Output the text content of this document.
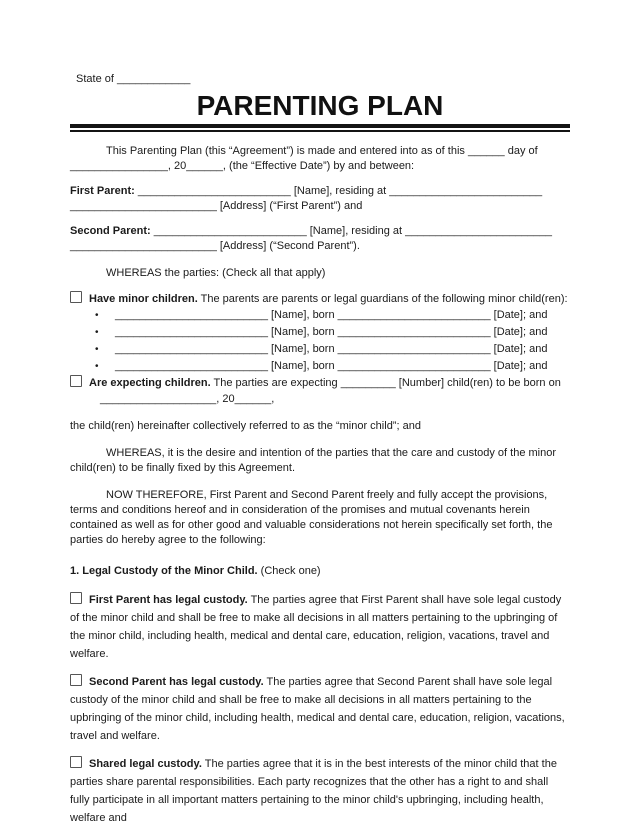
State of ____________

PARENTING PLAN

This Parenting Plan (this “Agreement”) is made and entered into as of this ______ day of
________________, 20______, (the “Effective Date”) by and between:

First Parent: _________________________ [Name], residing at _________________________
________________________ [Address] (“First Parent”) and

Second Parent: _________________________ [Name], residing at ________________________
________________________ [Address] (“Second Parent”).

WHEREAS the parties: (Check all that apply)

Have minor children. The parents are parents or legal guardians of the following minor child(ren):

• _________________________ [Name], born _________________________ [Date]; and
• _________________________ [Name], born _________________________ [Date]; and
• _________________________ [Name], born _________________________ [Date]; and
• _________________________ [Name], born _________________________ [Date]; and

Are expecting children. The parties are expecting _________ [Number] child(ren) to be born on

___________________, 20______,

the child(ren) hereinafter collectively referred to as the “minor child”; and

WHEREAS, it is the desire and intention of the parties that the care and custody of the minor child(ren) to be finally fixed by this Agreement.

NOW THEREFORE, First Parent and Second Parent freely and fully accept the provisions, terms and conditions hereof and in consideration of the promises and mutual covenants herein contained as well as for other good and valuable considerations not herein specifically set forth, the parties do hereby agree to the following:

1. Legal Custody of the Minor Child. (Check one)

First Parent has legal custody. The parties agree that First Parent shall have sole legal custody of the minor child and shall be free to make all decisions in all matters pertaining to the upbringing of the minor child, including health, medical and dental care, education, religion, vacations, travel and welfare.

Second Parent has legal custody. The parties agree that Second Parent shall have sole legal custody of the minor child and shall be free to make all decisions in all matters pertaining to the upbringing of the minor child, including health, medical and dental care, education, religion, vacations, travel and welfare.

Shared legal custody. The parties agree that it is in the best interests of the minor child that the parties share parental responsibilities. Each party recognizes that the other has a right to and shall fully participate in all important matters pertaining to the minor child's upbringing, including health, welfare and
